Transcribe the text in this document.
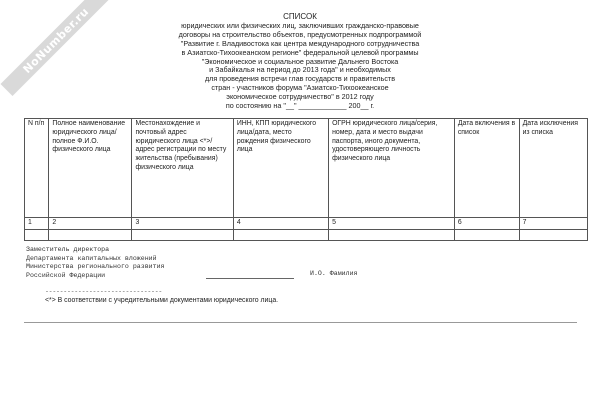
NoNumber.ru	СПИСОК
юридических или физических лиц, заключивших гражданско-правовые
договоры на строительство объектов, предусмотренных подпрограммой
"Развитие г. Владивостока как центра международного сотрудничества
в Азиатско-Тихоокеанском регионе" федеральной целевой программы
"Экономическое и социальное развитие Дальнего Востока
и Забайкалья на период до 2013 года" и необходимых
для проведения встречи глав государств и правительств
стран - участников форума "Азиатско-Тихоокеанское
экономическое сотрудничество" в 2012 году
по состоянию на "__" ____________ 200__ г.
N п/п	Полное наименование юридического лица/полное Ф.И.О. физического лица	Местонахождение и почтовый адрес юридического лица <*>/адрес регистрации по месту жительства (пребывания) физического лица	ИНН, КПП юридического лица/дата, место рождения физического лица	ОГРН юридического лица/серия, номер, дата и место выдачи паспорта, иного документа, удостоверяющего личность физического лица	Дата включения в список	Дата исключения из списка
1	2	3	4	5	6	7

Заместитель директора
Департамента капитальных вложений
Министерства регионального развития
Российской Федерации	И.О. Фамилия
--------------------------------
<*> В соответствии с учредительными документами юридического лица.
